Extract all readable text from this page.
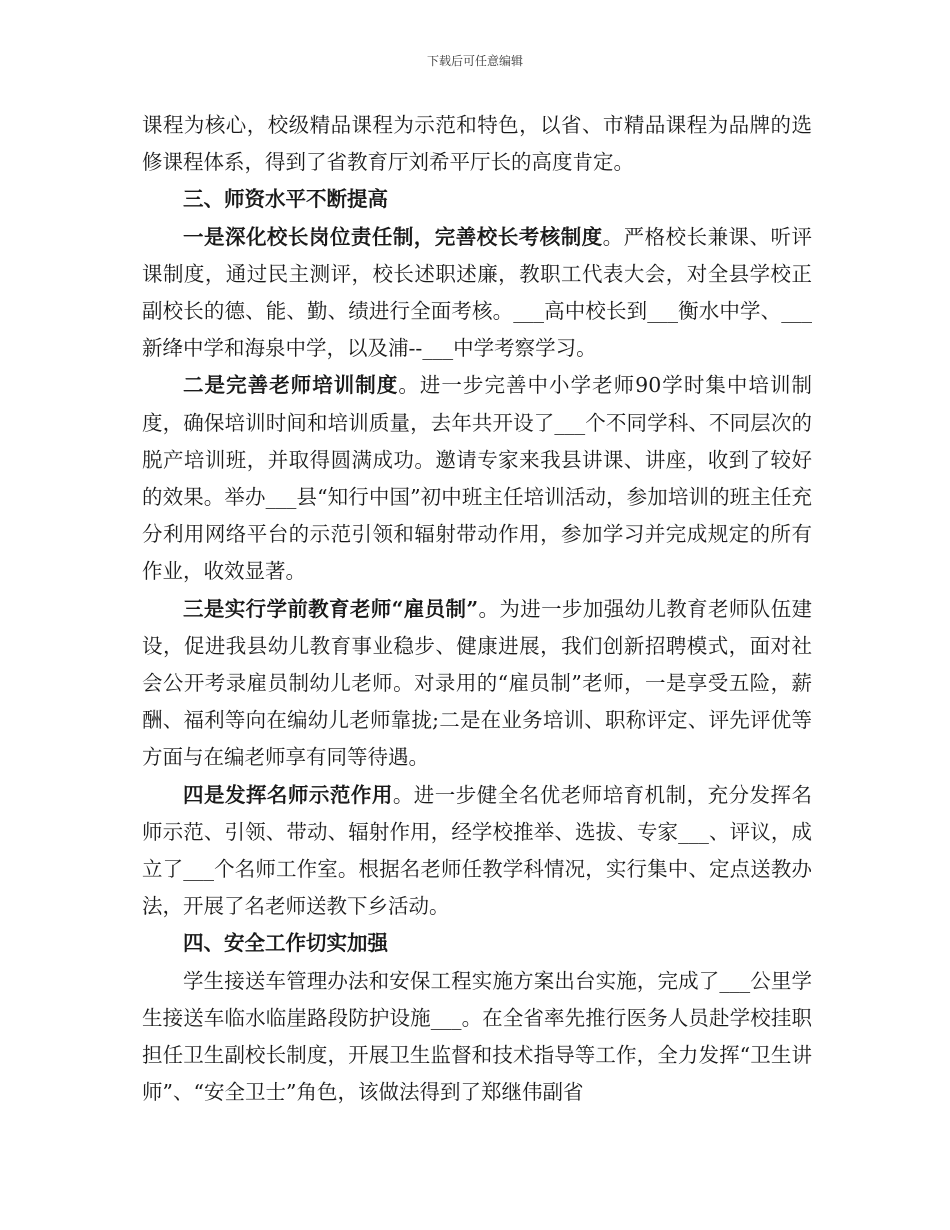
下载后可任意编辑

课程为核心，校级精品课程为示范和特色，以省、市精品课程为品牌的选修课程体系，得到了省教育厅刘希平厅长的高度肯定。

三、师资水平不断提高

一是深化校长岗位责任制，完善校长考核制度。严格校长兼课、听评课制度，通过民主测评，校长述职述廉，教职工代表大会，对全县学校正副校长的德、能、勤、绩进行全面考核。___高中校长到___衡水中学、___新绛中学和海泉中学，以及浦--___中学考察学习。

二是完善老师培训制度。进一步完善中小学老师90学时集中培训制度，确保培训时间和培训质量，去年共开设了___个不同学科、不同层次的脱产培训班，并取得圆满成功。邀请专家来我县讲课、讲座，收到了较好的效果。举办___县“知行中国”初中班主任培训活动，参加培训的班主任充分利用网络平台的示范引领和辐射带动作用，参加学习并完成规定的所有作业，收效显著。

三是实行学前教育老师“雇员制”。为进一步加强幼儿教育老师队伍建设，促进我县幼儿教育事业稳步、健康进展，我们创新招聘模式，面对社会公开考录雇员制幼儿老师。对录用的“雇员制”老师，一是享受五险，薪酬、福利等向在编幼儿老师靠拢;二是在业务培训、职称评定、评先评优等方面与在编老师享有同等待遇。

四是发挥名师示范作用。进一步健全名优老师培育机制，充分发挥名师示范、引领、带动、辐射作用，经学校推举、选拔、专家___、评议，成立了___个名师工作室。根据名老师任教学科情况，实行集中、定点送教办法，开展了名老师送教下乡活动。

四、安全工作切实加强

学生接送车管理办法和安保工程实施方案出台实施，完成了___公里学生接送车临水临崖路段防护设施___。在全省率先推行医务人员赴学校挂职担任卫生副校长制度，开展卫生监督和技术指导等工作，全力发挥“卫生讲师”、“安全卫士”角色，该做法得到了郑继伟副省
